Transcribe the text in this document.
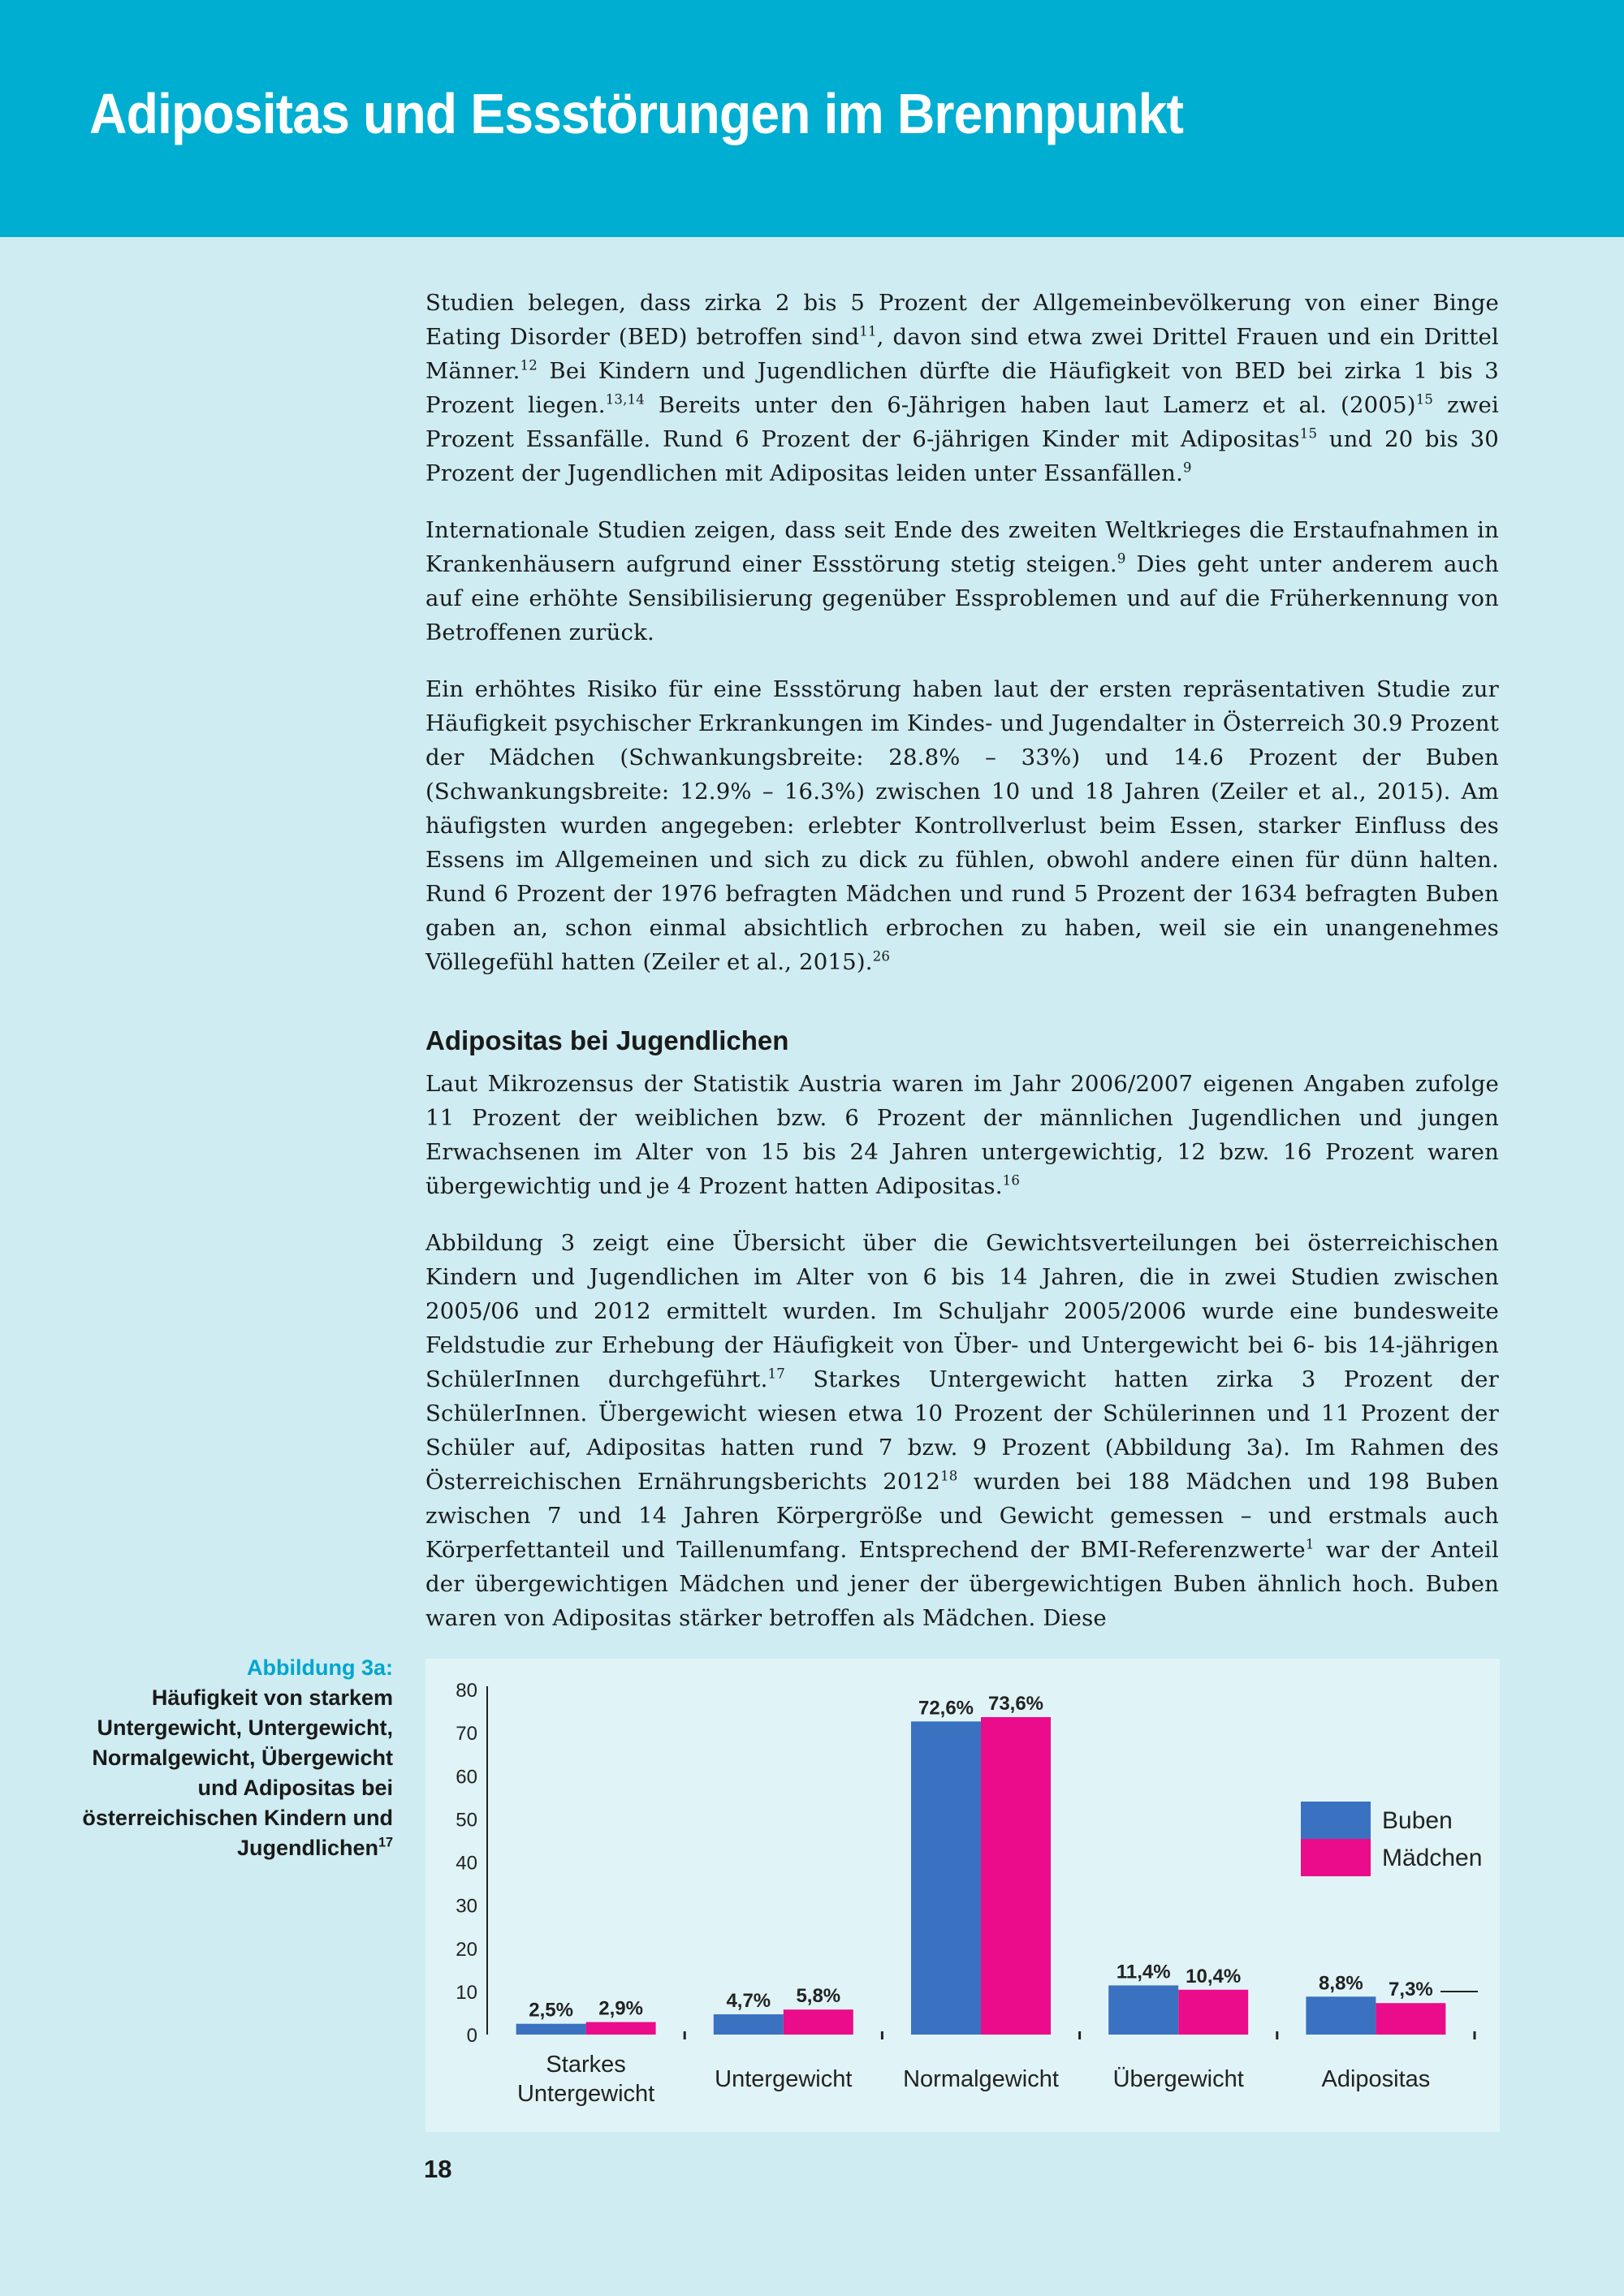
Adipositas und Essstörungen im Brennpunkt

Studien belegen, dass zirka 2 bis 5 Prozent der Allgemeinbevölkerung von einer Binge Eating Disorder (BED) betroffen sind$^{11}$, davon sind etwa zwei Drittel Frauen und ein Drittel Männer.$^{12}$ Bei Kindern und Jugendlichen dürfte die Häufigkeit von BED bei zirka 1 bis 3 Prozent liegen.$^{13,14}$ Bereits unter den 6-Jährigen haben laut Lamerz et al. $(2005)^{15}$ zwei Prozent Essanfälle. Rund 6 Prozent der 6-jährigen Kinder mit Adipositas$^{15}$ und 20 bis 30 Prozent der Jugendlichen mit Adipositas leiden unter Essanfällen.$^9$

Internationale Studien zeigen, dass seit Ende des zweiten Weltkrieges die Erstaufnahmen in Krankenhäusern aufgrund einer Essstörung stetig steigen.$^9$ Dies geht unter anderem auch auf eine erhöhte Sensibilisierung gegenüber Essproblemen und auf die Früherkennung von Betroffenen zurück.

Ein erhöhtes Risiko für eine Essstörung haben laut der ersten repräsentativen Studie zur Häufigkeit psychischer Erkrankungen im Kindes- und Jugendalter in Österreich 30.9 Prozent der Mädchen (Schwankungsbreite: 28.8% – 33%) und 14.6 Prozent der Buben (Schwankungsbreite: 12.9% – 16.3%) zwischen 10 und 18 Jahren (Zeiler et al., 2015). Am häufigsten wurden angegeben: erlebter Kontrollverlust beim Essen, starker Einfluss des Essens im Allgemeinen und sich zu dick zu fühlen, obwohl andere einen für dünn halten. Rund 6 Prozent der 1976 befragten Mädchen und rund 5 Prozent der 1634 befragten Buben gaben an, schon einmal absichtlich erbrochen zu haben, weil sie ein unangenehmes Völlegefühl hatten (Zeiler et al., 2015).$^{26}$

Adipositas bei Jugendlichen

Laut Mikrozensus der Statistik Austria waren im Jahr 2006/2007 eigenen Angaben zufolge 11 Prozent der weiblichen bzw. 6 Prozent der männlichen Jugendlichen und jungen Erwachsenen im Alter von 15 bis 24 Jahren untergewichtig, 12 bzw. 16 Prozent waren übergewichtig und je 4 Prozent hatten Adipositas.$^{16}$

Abbildung 3 zeigt eine Übersicht über die Gewichtsverteilungen bei österreichischen Kindern und Jugendlichen im Alter von 6 bis 14 Jahren, die in zwei Studien zwischen 2005/06 und 2012 ermittelt wurden. Im Schuljahr 2005/2006 wurde eine bundesweite Feldstudie zur Erhebung der Häufigkeit von Über- und Untergewicht bei 6- bis 14-jährigen SchülerInnen durchgeführt.$^{17}$ Starkes Untergewicht hatten zirka 3 Prozent der SchülerInnen. Übergewicht wiesen etwa 10 Prozent der Schülerinnen und 11 Prozent der Schüler auf, Adipositas hatten rund 7 bzw. 9 Prozent (Abbildung 3a). Im Rahmen des Österreichischen Ernährungsberichts 2012$^{18}$ wurden bei 188 Mädchen und 198 Buben zwischen 7 und 14 Jahren Körpergröße und Gewicht gemessen – und erstmals auch Körperfettanteil und Taillenumfang. Entsprechend der BMI-Referenzwerte$^1$ war der Anteil der übergewichtigen Mädchen und jener der übergewichtigen Buben ähnlich hoch. Buben waren von Adipositas stärker betroffen als Mädchen. Diese

Abbildung 3a:
Häufigkeit von starkem Untergewicht, Untergewicht, Normalgewicht, Übergewicht und Adipositas bei österreichischen Kindern und Jugendlichen$^{17}$
0
10
20
30
40
50
60
70
80
2,5% 2,9%
Starkes
Untergewicht
4,7% 5,8%
Untergewicht
72,6% 73,6%
Normalgewicht
11,4% 10,4%
Übergewicht
8,8% 7,3%
Adipositas
Buben
Mädchen
18
